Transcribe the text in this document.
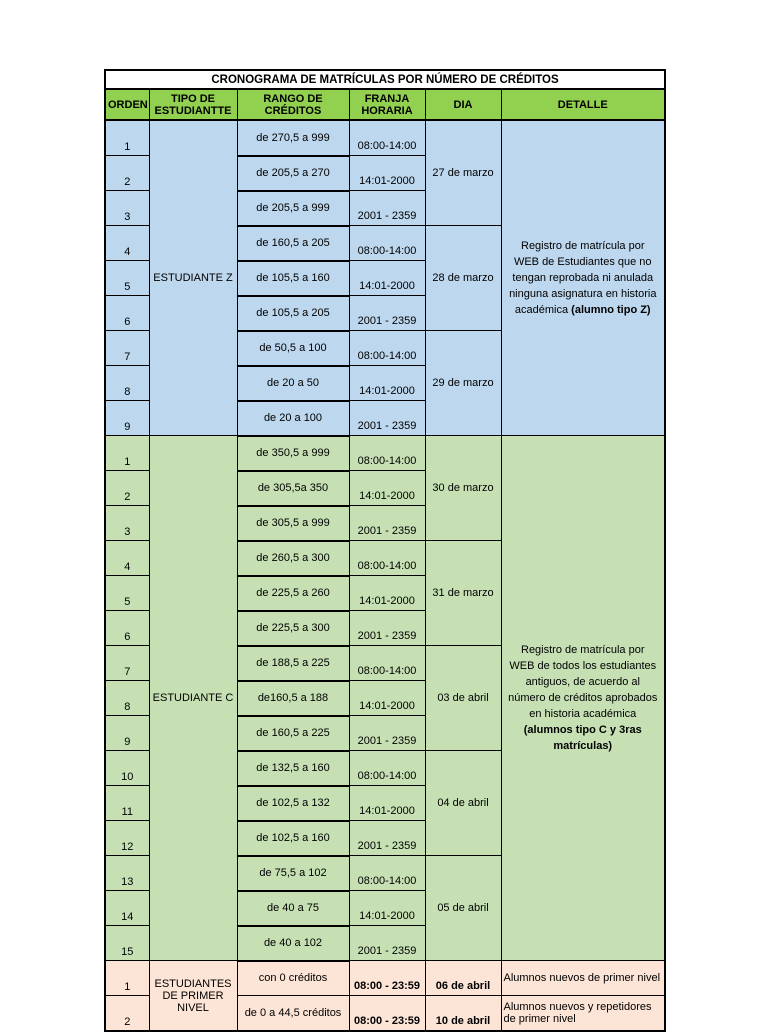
CRONOGRAMA DE MATRÍCULAS POR NÚMERO DE CRÉDITOS					
ORDEN	TIPO DE ESTUDIANTTE	RANGO DE CRÉDITOS	FRANJA HORARIA	DIA	DETALLE
1	ESTUDIANTE Z	de 270,5 a 999	08:00-14:00	27 de marzo	Registro de matrícula por WEB de Estudiantes que no tengan reprobada ni anulada ninguna asignatura en historia académica (alumno tipo Z)
2		de 205,5 a 270	14:01-2000		
3		de 205,5 a 999	2001 - 2359		
4		de 160,5 a 205	08:00-14:00	28 de marzo	
5		de 105,5 a 160	14:01-2000		
6		de 105,5 a 205	2001 - 2359		
7		de 50,5 a 100	08:00-14:00	29 de marzo	
8		de 20 a 50	14:01-2000		
9		de 20 a 100	2001 - 2359		
1	ESTUDIANTE C	de 350,5 a 999	08:00-14:00	30 de marzo	Registro de matrícula por WEB de todos los estudiantes antiguos, de acuerdo al número de créditos aprobados en historia académica (alumnos tipo C y 3ras matrículas)
2		de 305,5a 350	14:01-2000		
3		de 305,5 a 999	2001 - 2359		
4		de 260,5 a 300	08:00-14:00	31 de marzo	
5		de 225,5 a 260	14:01-2000		
6		de 225,5 a 300	2001 - 2359		
7		de 188,5 a 225	08:00-14:00	03 de abril	
8		de160,5 a 188	14:01-2000		
9		de 160,5 a 225	2001 - 2359		
10		de 132,5 a 160	08:00-14:00	04 de abril	
11		de 102,5 a 132	14:01-2000		
12		de 102,5 a 160	2001 - 2359		
13		de 75,5 a 102	08:00-14:00	05 de abril	
14		de 40 a 75	14:01-2000		
15		de 40 a 102	2001 - 2359		
1	ESTUDIANTES DE PRIMER NIVEL	con 0 créditos	08:00 - 23:59	06 de abril	Alumnos nuevos de primer nivel
2		de 0 a 44,5 créditos	08:00 - 23:59	10 de abril	Alumnos nuevos y repetidores de primer nivel
